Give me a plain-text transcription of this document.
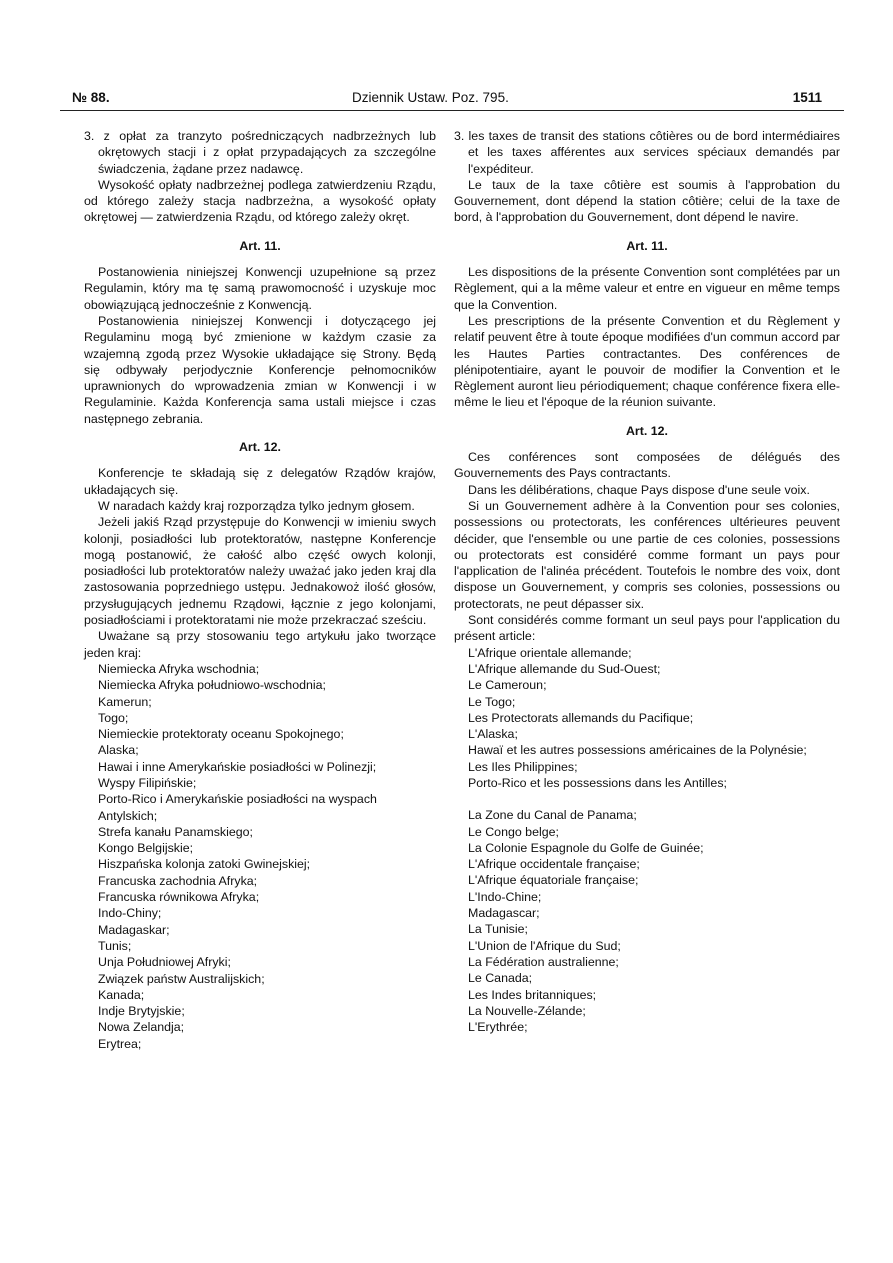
№ 88.	Dziennik Ustaw. Poz. 795.	1511

3. z opłat za tranzyto pośredniczących nadbrzeżnych lub okrętowych stacji i z opłat przypadających za szczególne świadczenia, żądane przez nadawcę.

Wysokość opłaty nadbrzeżnej podlega zatwierdzeniu Rządu, od którego zależy stacja nadbrzeżna, a wysokość opłaty okrętowej — zatwierdzenia Rządu, od którego zależy okręt.

Art. 11.

Postanowienia niniejszej Konwencji uzupełnione są przez Regulamin, który ma tę samą prawomocność i uzyskuje moc obowiązującą jednocześnie z Konwencją.

Postanowienia niniejszej Konwencji i dotyczącego jej Regulaminu mogą być zmienione w każdym czasie za wzajemną zgodą przez Wysokie układające się Strony. Będą się odbywały perjodycznie Konferencje pełnomocników uprawnionych do wprowadzenia zmian w Konwencji i w Regulaminie. Każda Konferencja sama ustali miejsce i czas następnego zebrania.

Art. 12.

Konferencje te składają się z delegatów Rządów krajów, układających się.

W naradach każdy kraj rozporządza tylko jednym głosem.

Jeżeli jakiś Rząd przystępuje do Konwencji w imieniu swych kolonji, posiadłości lub protektoratów, następne Konferencje mogą postanowić, że całość albo część owych kolonji, posiadłości lub protektoratów należy uważać jako jeden kraj dla zastosowania poprzedniego ustępu. Jednakowoż ilość głosów, przysługujących jednemu Rządowi, łącznie z jego kolonjami, posiadłościami i protektoratami nie może przekraczać sześciu.

Uważane są przy stosowaniu tego artykułu jako tworzące jeden kraj:

Niemiecka Afryka wschodnia;

Niemiecka Afryka południowo-wschodnia;

Kamerun;

Togo;

Niemieckie protektoraty oceanu Spokojnego;

Alaska;

Hawai i inne Amerykańskie posiadłości w Polinezji;

Wyspy Filipińskie;

Porto-Rico i Amerykańskie posiadłości na wyspach Antylskich;

Strefa kanału Panamskiego;

Kongo Belgijskie;

Hiszpańska kolonja zatoki Gwinejskiej;

Francuska zachodnia Afryka;

Francuska równikowa Afryka;

Indo-Chiny;

Madagaskar;

Tunis;

Unja Południowej Afryki;

Związek państw Australijskich;

Kanada;

Indje Brytyjskie;

Nowa Zelandja;

Erytrea;

3. les taxes de transit des stations côtières ou de bord intermédiaires et les taxes afférentes aux services spéciaux demandés par l'expéditeur.

Le taux de la taxe côtière est soumis à l'approbation du Gouvernement, dont dépend la station côtière; celui de la taxe de bord, à l'approbation du Gouvernement, dont dépend le navire.

Art. 11.

Les dispositions de la présente Convention sont complétées par un Règlement, qui a la même valeur et entre en vigueur en même temps que la Convention.

Les prescriptions de la présente Convention et du Règlement y relatif peuvent être à toute époque modifiées d'un commun accord par les Hautes Parties contractantes. Des conférences de plénipotentiaire, ayant le pouvoir de modifier la Convention et le Règlement auront lieu périodiquement; chaque conférence fixera elle-même le lieu et l'époque de la réunion suivante.

Art. 12.

Ces conférences sont composées de délégués des Gouvernements des Pays contractants.

Dans les délibérations, chaque Pays dispose d'une seule voix.

Si un Gouvernement adhère à la Convention pour ses colonies, possessions ou protectorats, les conférences ultérieures peuvent décider, que l'ensemble ou une partie de ces colonies, possessions ou protectorats est considéré comme formant un pays pour l'application de l'alinéa précédent. Toutefois le nombre des voix, dont dispose un Gouvernement, y compris ses colonies, possessions ou protectorats, ne peut dépasser six.

Sont considérés comme formant un seul pays pour l'application du présent article:

L'Afrique orientale allemande;

L'Afrique allemande du Sud-Ouest;

Le Cameroun;

Le Togo;

Les Protectorats allemands du Pacifique;

L'Alaska;

Hawaï et les autres possessions américaines de la Polynésie;

Les Iles Philippines;

Porto-Rico et les possessions dans les Antilles;

La Zone du Canal de Panama;

Le Congo belge;

La Colonie Espagnole du Golfe de Guinée;

L'Afrique occidentale française;

L'Afrique équatoriale française;

L'Indo-Chine;

Madagascar;

La Tunisie;

L'Union de l'Afrique du Sud;

La Fédération australienne;

Le Canada;

Les Indes britanniques;

La Nouvelle-Zélande;

L'Erythrée;
